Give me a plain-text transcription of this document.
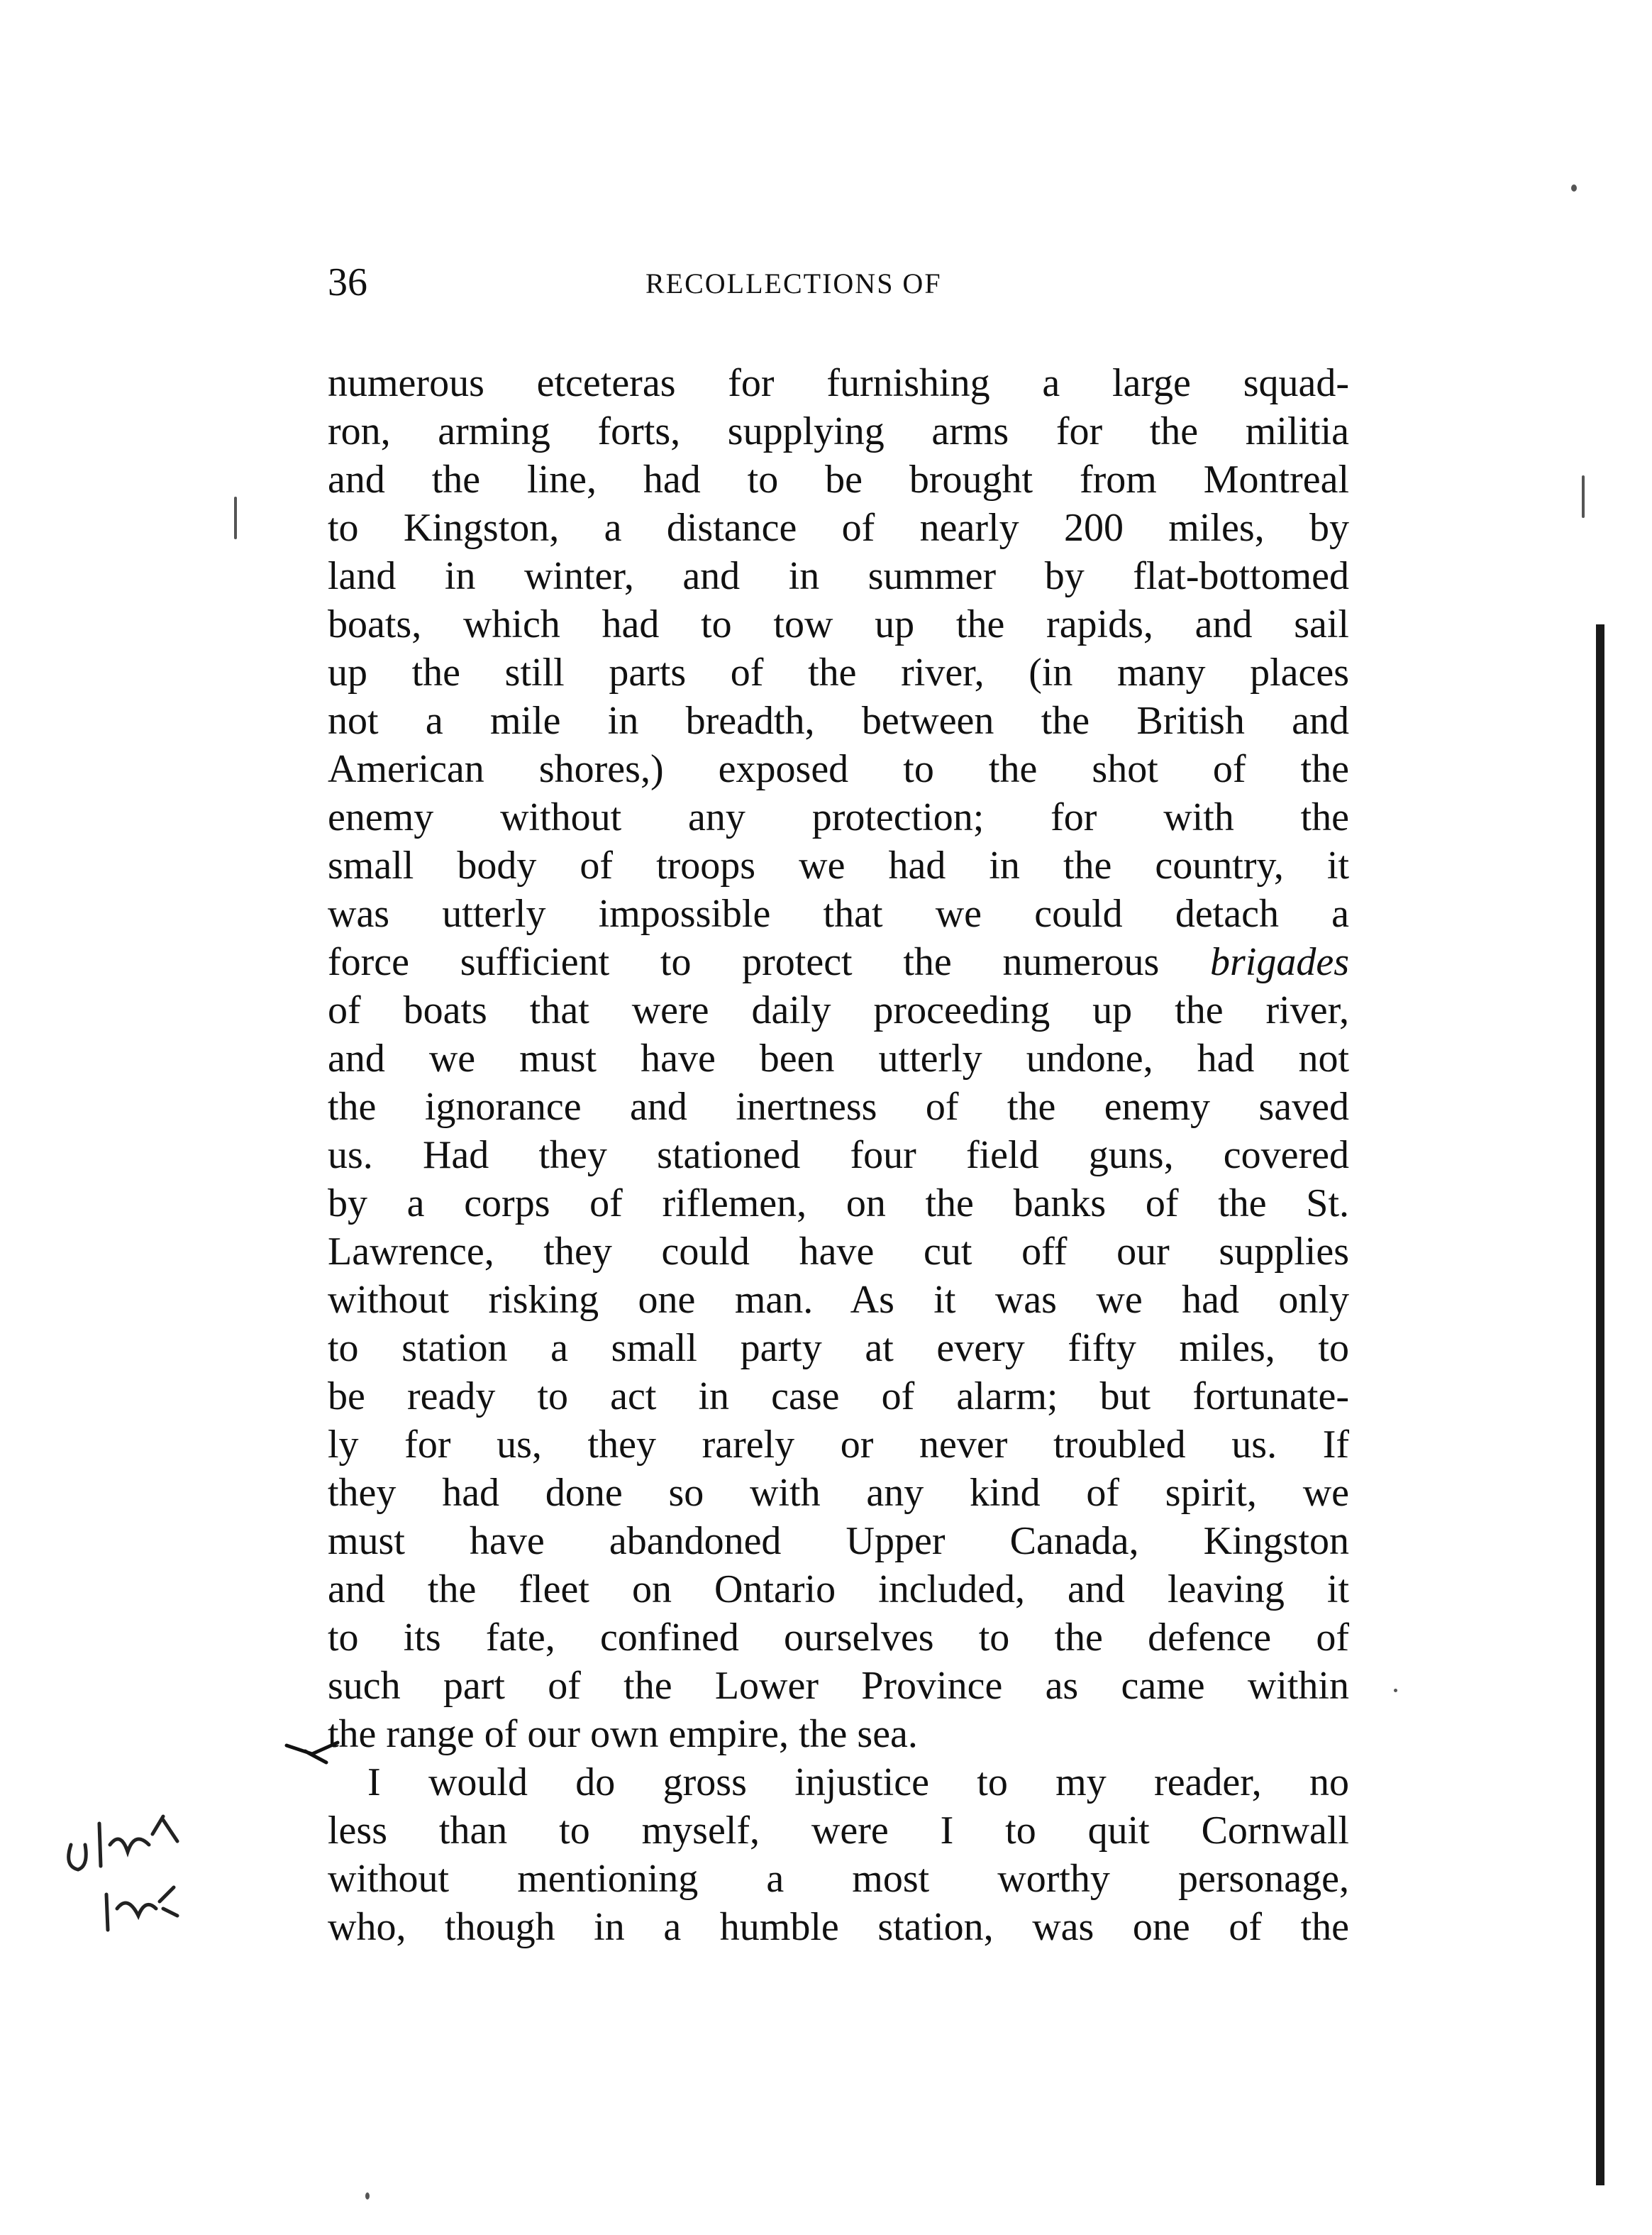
36	RECOLLECTIONS OF
numerous etceteras for furnishing a large squad-
ron, arming forts, supplying arms for the militia
and the line, had to be brought from Montreal
to Kingston, a distance of nearly 200 miles, by
land in winter, and in summer by flat-bottomed
boats, which had to tow up the rapids, and sail
up the still parts of the river, (in many places
not a mile in breadth, between the British and
American shores,) exposed to the shot of the
enemy without any protection; for with the
small body of troops we had in the country, it
was utterly impossible that we could detach a
force sufficient to protect the numerous brigades
of boats that were daily proceeding up the river,
and we must have been utterly undone, had not
the ignorance and inertness of the enemy saved
us. Had they stationed four field guns, covered
by a corps of riflemen, on the banks of the St.
Lawrence, they could have cut off our supplies
without risking one man. As it was we had only
to station a small party at every fifty miles, to
be ready to act in case of alarm; but fortunate-
ly for us, they rarely or never troubled us. If
they had done so with any kind of spirit, we
must have abandoned Upper Canada, Kingston
and the fleet on Ontario included, and leaving it
to its fate, confined ourselves to the defence of
such part of the Lower Province as came within
the range of our own empire, the sea.
I would do gross injustice to my reader, no
less than to myself, were I to quit Cornwall
without mentioning a most worthy personage,
who, though in a humble station, was one of the
